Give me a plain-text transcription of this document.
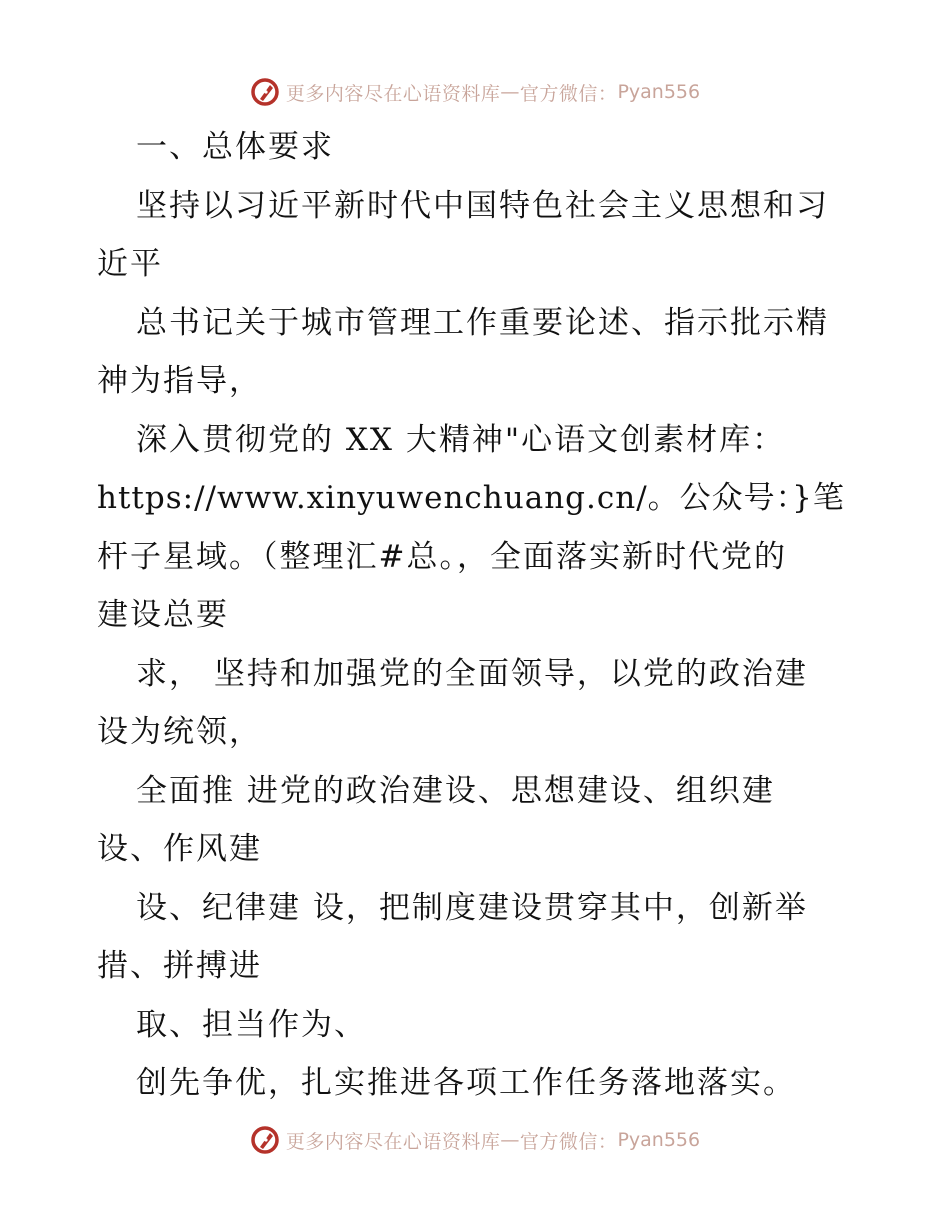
更多内容尽在心语资料库 — 官方微信： Pyan556
一、总体要求
坚持以习近平新时代中国特色社会主义思想和习
近平
总书记关于城市管理工作重要论述、指示批示精
神为指导，
深入贯彻党的 XX 大精神"心语文创素材库：
https://www.xinyuwenchuang.cn/。公众号：}笔
杆子星域。（整理汇#总。，全面落实新时代党的
建设总要
求， 坚持和加强党的全面领导，以党的政治建
设为统领，
全面推 进党的政治建设、思想建设、组织建
设、作风建
设、纪律建 设，把制度建设贯穿其中，创新举
措、拼搏进
取、担当作为、
创先争优，扎实推进各项工作任务落地落实。
更多内容尽在心语资料库 — 官方微信： Pyan556
